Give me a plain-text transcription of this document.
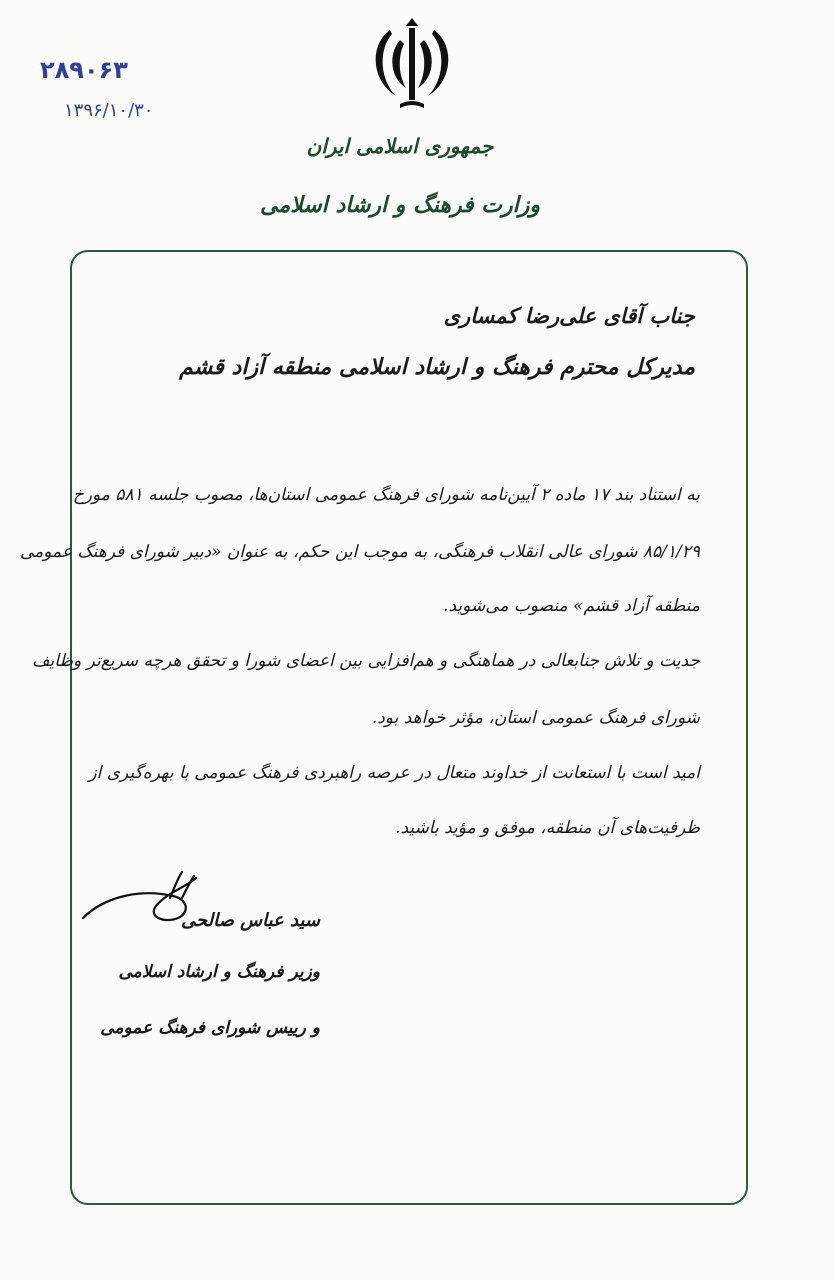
۲۸۹۰۶۳
۱۳۹۶/۱۰/۳۰
جمهوری اسلامی ایران
وزارت فرهنگ و ارشاد اسلامی
جناب آقای علی‌رضا کمساری
مدیرکل محترم فرهنگ و ارشاد اسلامی منطقه آزاد قشم
به استناد بند ۱۷ ماده ۲ آیین‌نامه شورای فرهنگ عمومی استان‌ها، مصوب جلسه ۵۸۱ مورخ
۸۵/۱/۲۹ شورای عالی انقلاب فرهنگی، به موجب این حکم، به عنوان «دبیر شورای فرهنگ عمومی
منطقه آزاد قشم» منصوب می‌شوید.
جدیت و تلاش جنابعالی در هماهنگی و هم‌افزایی بین اعضای شورا و تحقق هرچه سریع‌تر وظایف
شورای فرهنگ عمومی استان، مؤثر خواهد بود.
امید است با استعانت از خداوند متعال در عرصه راهبردی فرهنگ عمومی با بهره‌گیری از
ظرفیت‌های آن منطقه، موفق و مؤید باشید.
سید عباس صالحی
وزیر فرهنگ و ارشاد اسلامی
و رییس شورای فرهنگ عمومی
